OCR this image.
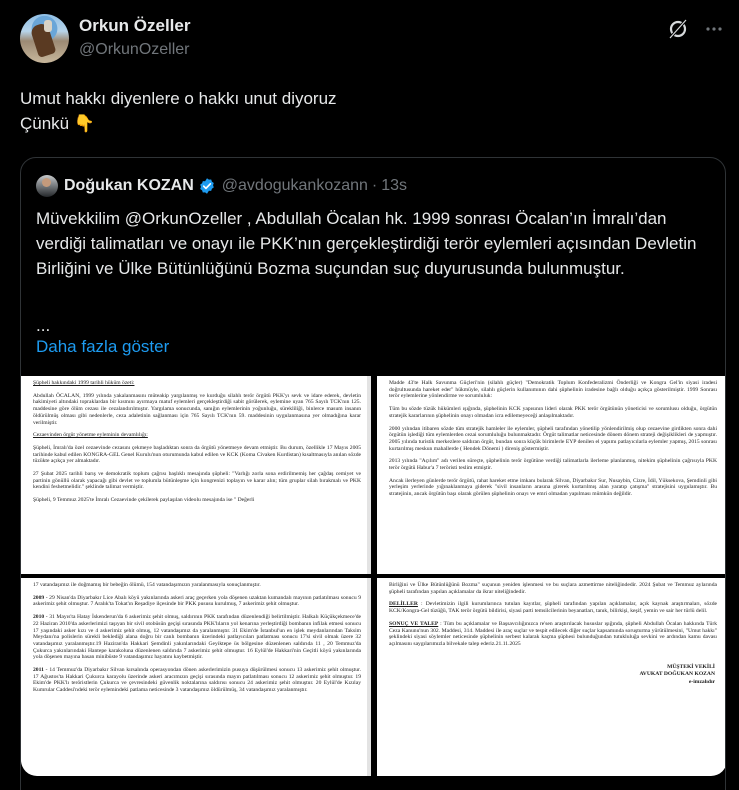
Orkun Özeller
@OrkunOzeller
Umut hakkı diyenlere o hakkı unut diyoruz
Çünkü 👇
Doğukan KOZAN @avdogukankozann · 13s
Müvekkilim @OrkunOzeller , Abdullah Öcalan hk. 1999 sonrası Öcalan’ın İmralı’dan verdiği talimatları ve onayı ile PKK’nın gerçekleştirdiği terör eylemleri açısından Devletin Birliğini ve Ülke Bütünlüğünü Bozma suçundan suç duyurusunda bulunmuştur.
...
Daha fazla göster
Şüpheli hakkındaki 1999 tarihli hüküm özeti:
Abdullah ÖCALAN, 1999 yılında yakalanmasını müteakip yargılanmış ve kurduğu silahlı terör örgütü PKK'yı sevk ve idare ederek, devletin hakimiyeti altındaki topraklardan bir kısmını ayırmaya matuf eylemleri gerçekleştirdiği sabit görülerek, eylemine uyan 765 Sayılı TCK'nın 125. maddesine göre ölüm cezası ile cezalandırılmıştır. Yargılama sonucunda, sanığın eylemlerinin yoğunluğu, sürekliliği, binlerce masum insanın öldürülmüş olması gibi nedenlerle, ceza adaletinin sağlanması için 765 Sayılı TCK'nın 59. maddesinin uygulanmasına yer olmadığına karar verilmiştir.
Cezaevinden örgüt yönetme eyleminin devamlılığı:
Şüpheli, İmralı'da özel cezaevinde cezasını çekmeye başladıktan sonra da örgütü yönetmeye devam etmiştir. Bu durum, özellikle 17 Mayıs 2005 tarihinde kabul edilen KONGRA-GEL Genel Kurulu'nun oturumunda kabul edilen ve KCK (Koma Civaken Kurdistan) kısaltmasıyla anılan sözde tüzükte açıkça yer almaktadır.
27 Şubat 2025 tarihli barış ve demokratik toplum çağrısı başlıklı mesajında şüpheli: "Varlığı zorla sona erdirilmemiş her çağdaş cemiyet ve partinin gönüllü olarak yapacağı gibi devlet ve toplumla bütünleşme için kongrenizi toplayın ve karar alın; tüm gruplar silah bırakmalı ve PKK kendini feshetmelidir." şeklinde talimat vermiştir.
Şüpheli, 9 Temmuz 2025'te İmralı Cezaevinde çekilerek paylaşılan videolu mesajında ise " Değerli
Madde 43'te Halk Savunma Güçleri'nin (silahlı güçler) "Demokratik Toplum Konfederalizmi Önderliği ve Kongra Gel'in siyasi iradesi doğrultusunda hareket eder" hükmüyle, silahlı güçlerin kullanımının dahi şüphelinin iradesine bağlı olduğu açıkça gösterilmiştir. 1999 Sonrası terör eylemlerine yönlendirme ve sorumluluk:
Tüm bu sözde tüzük hükümleri ışığında, şüphelinin KCK yapısının lideri olarak PKK terör örgütünün yöneticisi ve sorumlusu olduğu, örgütün stratejik kararlarının şüphelinin onayı olmadan icra edilemeyeceği anlaşılmaktadır.
2000 yılından itibaren sözde tüm stratejik hamleler ile eylemler, şüpheli tarafından yönetilip yönlendirilmiş olup cezaevine girdikten sonra dahi örgütün işlediği tüm eylemlerden cezai sorumluluğu bulunmaktadır. Örgüt talimatlar neticesinde dönem dönem strateji değişiklikleri de yapmıştır. 2005 yılında turistik merkezlere saldıran örgüt, bundan sonra küçük birimlerle EYP denilen el yapımı patlayıcılarla eylemler yapmış, 2015 sonrası kurtarılmış meskun mahallerde ( Hendek Dönemi ) direniş göstermiştir.
2013 yılında "Açılım" adı verilen süreçte, şüphelinin terör örgütüne verdiği talimatlarla ilerleme planlanmış, nitekim şüphelinin çağrısıyla PKK terör örgütü Habur'a 7 teröristi teslim etmiştir.
Ancak ilerleyen günlerde terör örgütü, rahat hareket etme imkanı bularak Silvan, Diyarbakır Sur, Nusaybin, Cizre, İdil, Yüksekova, Şemdinli gibi yerleşim yerlerinde yığınaklanmaya giderek "sivil insanların arasına girerek kurtarılmış alan yaratıp çatışma" stratejisini uygulamıştır. Bu stratejinin, ancak örgütün başı olarak görülen şüphelinin onayı ve emri olmadan yapılması mümkün değildir.
17 vatandaşımız ile doğmamış bir bebeğin ölümü, 154 vatandaşımızın yaralanmasıyla sonuçlanmıştır.
2009 - 29 Nisan'da Diyarbakır Lice Abalı köyü yakınlarında askeri araç geçerken yola döşenen uzaktan kumandalı mayının patlatılması sonucu 9 askerimiz şehit olmuştur. 7 Aralık'ta Tokat'ın Reşadiye ilçesinde bir PKK pususu kurulmuş, 7 askerimiz şehit olmuştur.
2010 - 31 Mayıs'ta Hatay İskenderun'da 6 askerimiz şehit olmuş, saldırının PKK tarafından düzenlendiği belirtilmiştir. Halkalı Küçükçekmece'de 22 Haziran 2010'da askerlerimizi taşıyan bir sivil otobüsün geçişi sırasında PKK'lıların yol kenarına yerleştirdiği bombanın infilak etmesi sonucu 17 yaşındaki asker kızı ve 4 askerimiz şehit olmuş, 12 vatandaşımız da yaralanmıştır. 31 Ekim'de İstanbul'un en işlek meydanlarından Taksim Meydanı'na polislerin sürekli beklediği alana doğru bir canlı bombanın üzerindeki patlayıcıları patlatması sonucu 17'si sivil olmak üzere 32 vatandaşımız yaralanmıştır.19 Haziran'da Hakkari Şemdinli yakınlarındaki Geyiktepe üs bölgesine düzenlenen saldırıda 11 , 20 Temmuz'da Çukurca yakınlarındaki Hantepe karakoluna düzenlenen saldırıda 7 askerimiz şehit olmuştur. 16 Eylül'de Hakkari'nin Geçitli köyü yakınlarında yola döşenen mayına basan minibüste 9 vatandaşımız hayatını kaybetmiştir.
2011 - 14 Temmuz'da Diyarbakır Silvan kırsalında operasyondan dönen askerlerimizin pusuya düşürülmesi sonucu 13 askerimiz şehit olmuştur. 17 Ağustos'ta Hakkari Çukurca karayolu üzerinde askeri aracımızın geçişi sırasında mayın patlatılması sonucu 12 askerimiz şehit olmuştur. 19 Ekim'de PKK'lı teröristlerin Çukurca ve çevresindeki güvenlik noktalarına saldırısı sonucu 24 askerimiz şehit olmuştur. 20 Eylül'de Kızılay Kumrular Caddesi'ndeki terör eylemindeki patlama neticesinde 3 vatandaşımız öldürülmüş, 34 vatandaşımız yaralanmıştır.
Birliğini ve Ülke Bütünlüğünü Bozma" suçunun yeniden işlenmesi ve bu suçlara azmettirme niteliğindedir. 2024 Şubat ve Temmuz aylarında şüpheli tarafından yapılan açıklamalar da ikrar niteliğindedir.
DELİLLER : Devletimizin ilgili kurumlarınca tutulan kayıtlar, şüpheli tarafından yapılan açıklamalar, açık kaynak araştırmaları, sözde KCK/Kongra-Gel tüzüğü, TAK terör örgütü bildirisi, siyasi parti temsilcilerinin beyanatları, tanık, bilirkişi, keşif, yemin ve sair her türlü delil.
SONUÇ VE TALEP : Tüm bu açıklamalar ve Başsavcılığınızca re'sen araştırılacak hususlar ışığında, şüpheli Abdullah Öcalan hakkında Türk Ceza Kanunu'nun 302. Maddesi, 314. Maddesi ile araç suçlar ve tespit edilecek diğer suçlar kapsamında soruşturma yürütülmesini, "Umut hakkı" şeklindeki siyasi söylemler neticesinde şüphelinin serbest kalarak kaçma şüphesi bulunduğundan tutukluluğa sevkini ve ardından kamu davası açılmasını saygılarımızla bilvekale talep ederiz.21.11.2025
MÜŞTEKİ VEKİLİ
AVUKAT DOĞUKAN KOZAN
e-imzalıdır
